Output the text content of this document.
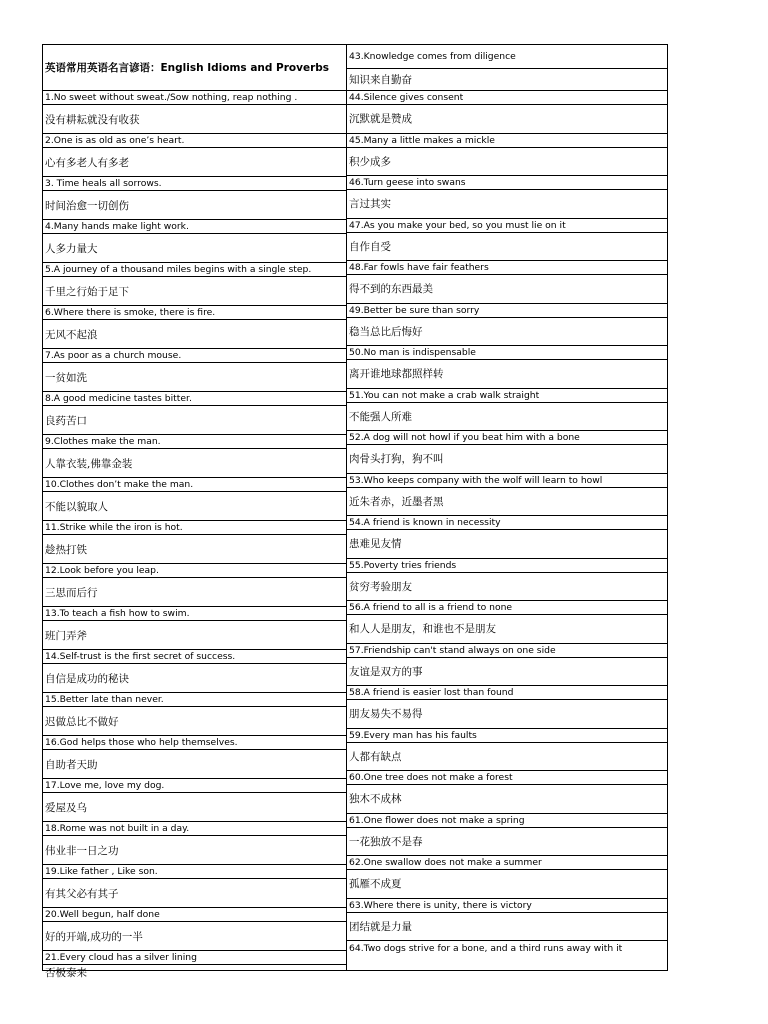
英语常用英语名言谚语：English Idioms and Proverbs
1.No sweet without sweat./Sow nothing, reap nothing .
没有耕耘就没有收获
2.One is as old as one’s heart.
心有多老人有多老
3. Time heals all sorrows.
时间治愈一切创伤
4.Many hands make light work.
人多力量大
5.A journey of a thousand miles begins with a single step.
千里之行始于足下
6.Where there is smoke, there is fire.
无风不起浪
7.As poor as a church mouse.
一贫如洗
8.A good medicine tastes bitter.
良药苦口
9.Clothes make the man.
人靠衣装,佛靠金装
10.Clothes don’t make the man.
不能以貌取人
11.Strike while the iron is hot.
趁热打铁
12.Look before you leap.
三思而后行
13.To teach a fish how to swim.
班门弄斧
14.Self-trust is the first secret of success.
自信是成功的秘诀
15.Better late than never.
迟做总比不做好
16.God helps those who help themselves.
自助者天助
17.Love me, love my dog.
爱屋及乌
18.Rome was not built in a day.
伟业非一日之功
19.Like father , Like son.
有其父必有其子
20.Well begun, half done
好的开端,成功的一半
21.Every cloud has a silver lining
否极泰来
43.Knowledge comes from diligence
知识来自勤奋
44.Silence gives consent
沉默就是赞成
45.Many a little makes a mickle
积少成多
46.Turn geese into swans
言过其实
47.As you make your bed, so you must lie on it
自作自受
48.Far fowls have fair feathers
得不到的东西最美
49.Better be sure than sorry
稳当总比后悔好
50.No man is indispensable
离开谁地球都照样转
51.You can not make a crab walk straight
不能强人所难
52.A dog will not howl if you beat him with a bone
肉骨头打狗，狗不叫
53.Who keeps company with the wolf will learn to howl
近朱者赤，近墨者黑
54.A friend is known in necessity
患难见友情
55.Poverty tries friends
贫穷考验朋友
56.A friend to all is a friend to none
和人人是朋友，和谁也不是朋友
57.Friendship can't stand always on one side
友谊是双方的事
58.A friend is easier lost than found
朋友易失不易得
59.Every man has his faults
人都有缺点
60.One tree does not make a forest
独木不成林
61.One flower does not make a spring
一花独放不是春
62.One swallow does not make a summer
孤雁不成夏
63.Where there is unity, there is victory
团结就是力量
64.Two dogs strive for a bone, and a third runs away with it
